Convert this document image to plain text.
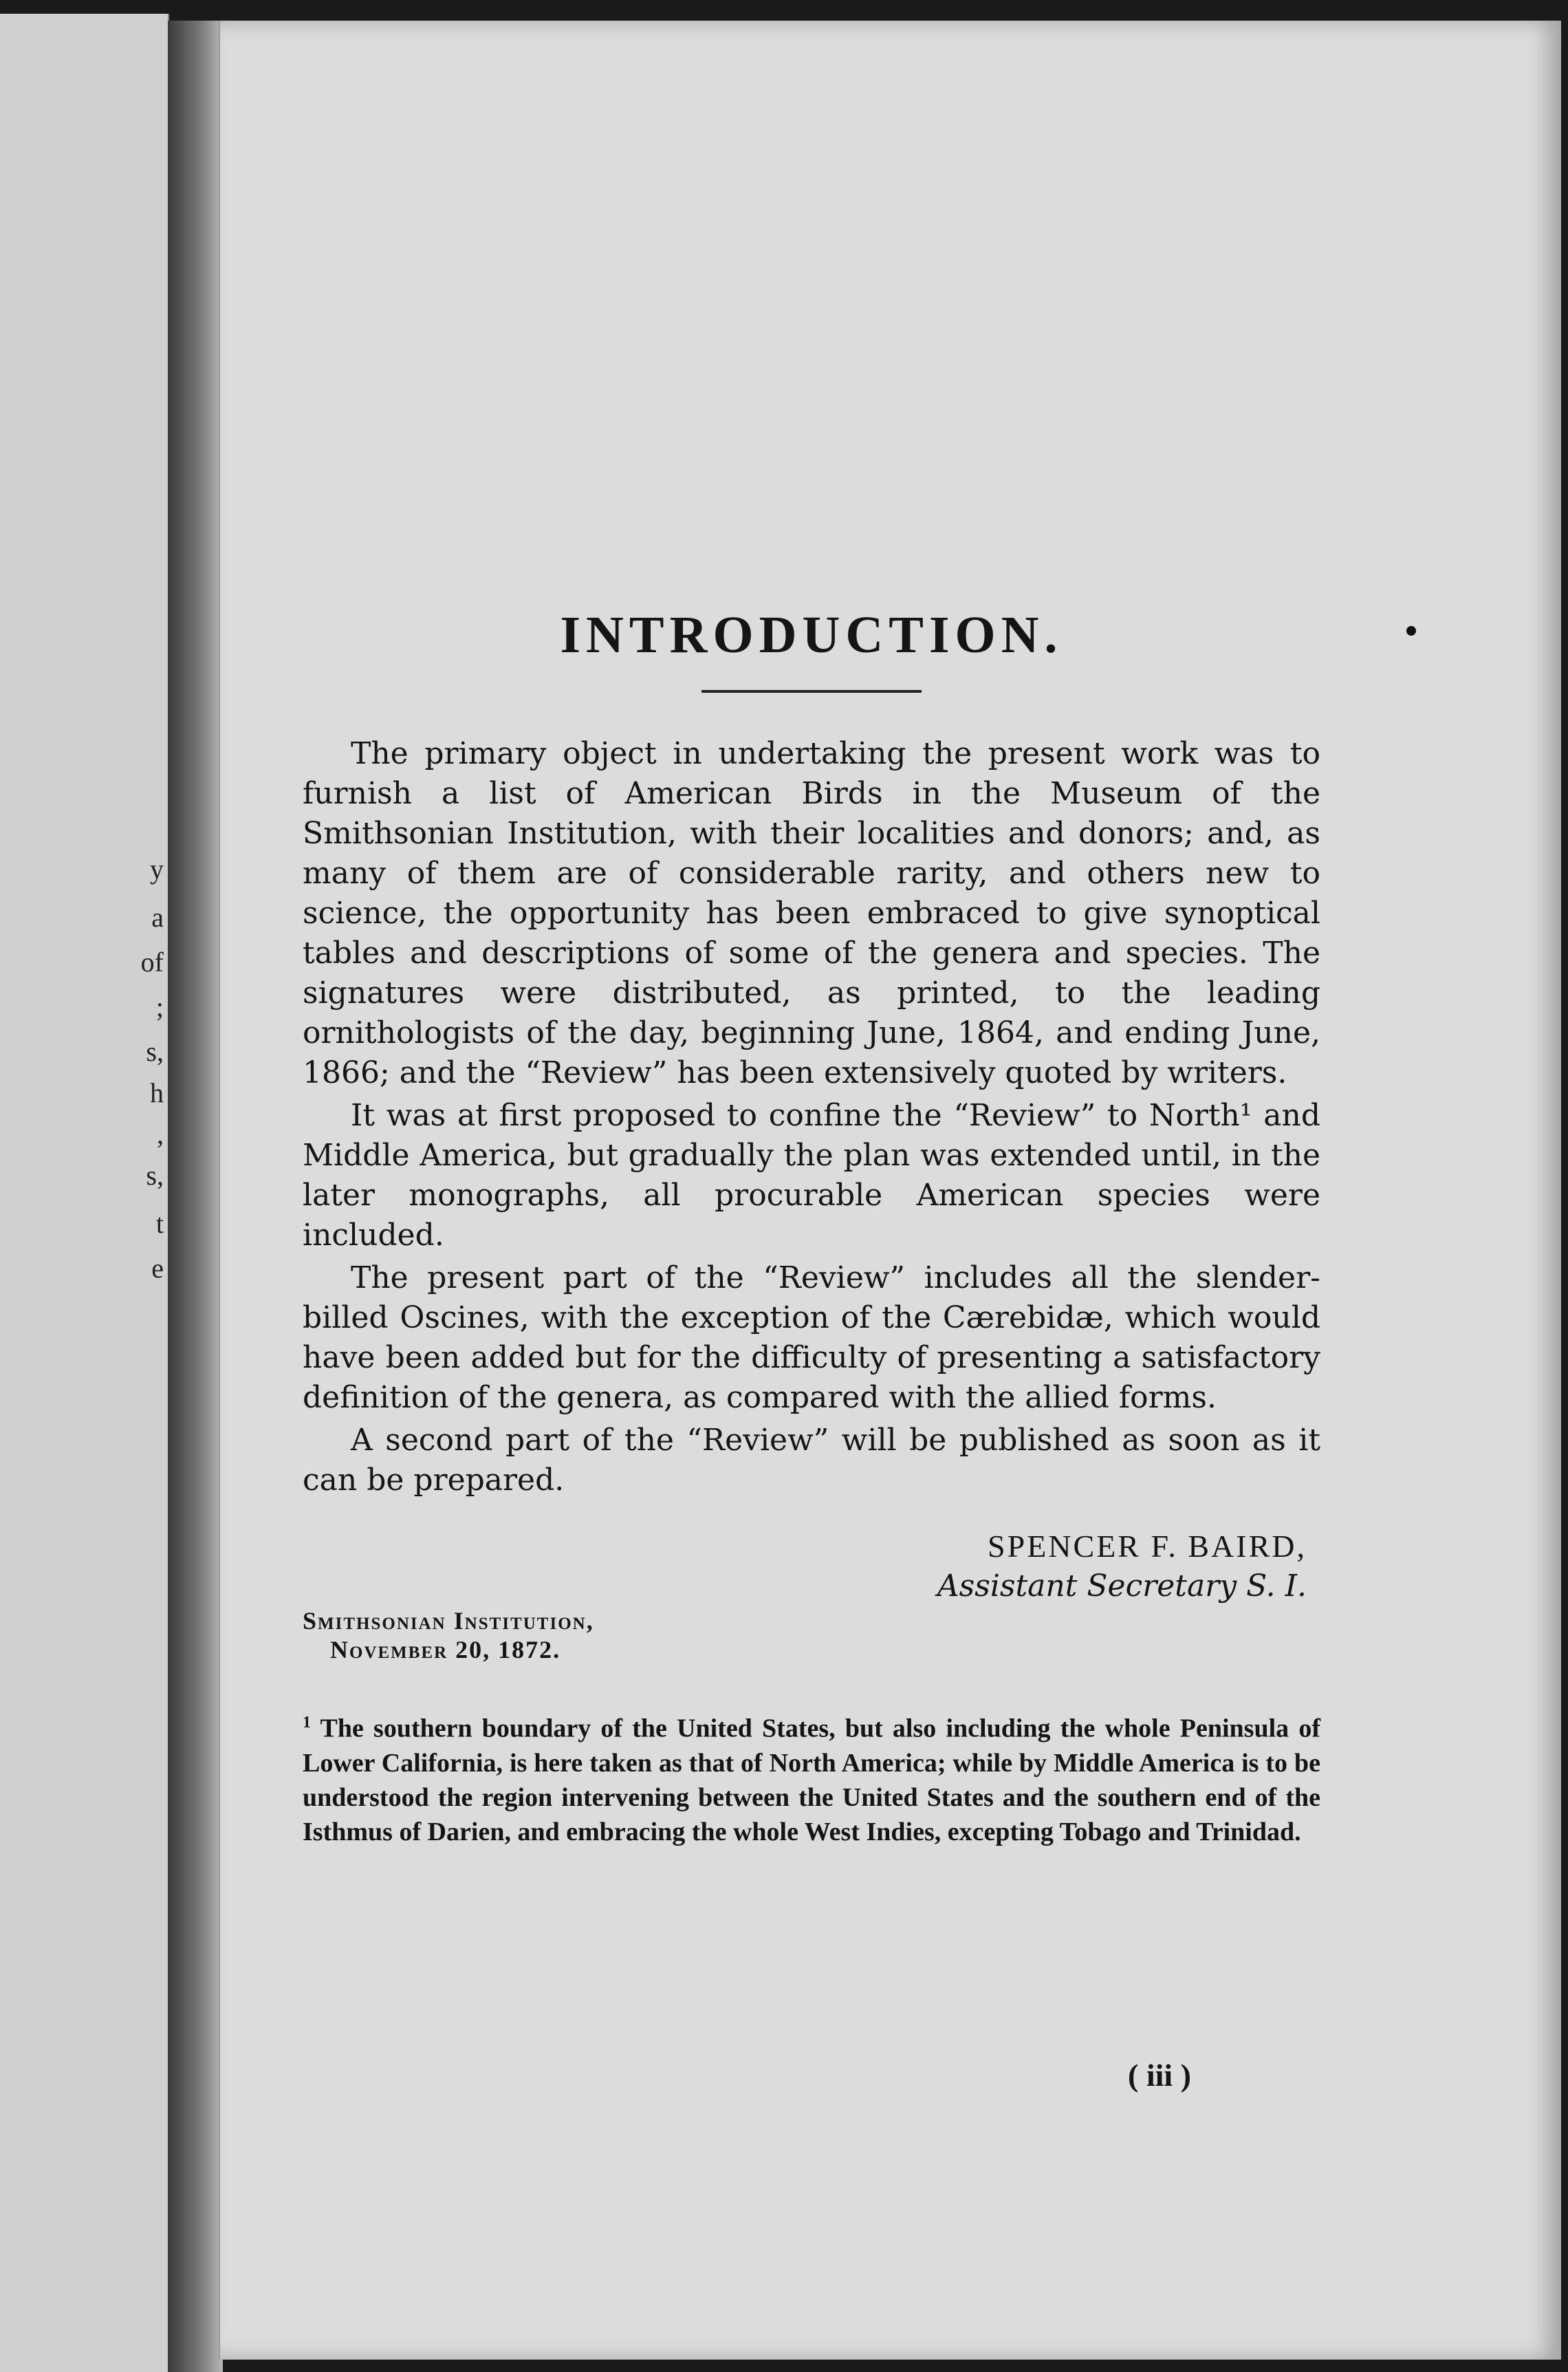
y
a
of
;
s,
h
,
s,
t
e
INTRODUCTION.

The primary object in undertaking the present work was to furnish a list of American Birds in the Museum of the Smithsonian Institution, with their localities and donors; and, as many of them are of considerable rarity, and others new to science, the opportunity has been embraced to give synoptical tables and descriptions of some of the genera and species. The signatures were distributed, as printed, to the leading ornithologists of the day, beginning June, 1864, and ending June, 1866; and the “Review” has been extensively quoted by writers.

It was at first proposed to confine the “Review” to North¹ and Middle America, but gradually the plan was extended until, in the later monographs, all procurable American species were included.

The present part of the “Review” includes all the slender-billed Oscines, with the exception of the Cærebidæ, which would have been added but for the difficulty of presenting a satisfactory definition of the genera, as compared with the allied forms.

A second part of the “Review” will be published as soon as it can be prepared.

SPENCER F. BAIRD,
Assistant Secretary S. I.
Smithsonian Institution,
November 20, 1872.
$^1$ The southern boundary of the United States, but also including the whole Peninsula of Lower California, is here taken as that of North America; while by Middle America is to be understood the region intervening between the United States and the southern end of the Isthmus of Darien, and embracing the whole West Indies, excepting Tobago and Trinidad.
( iii )
